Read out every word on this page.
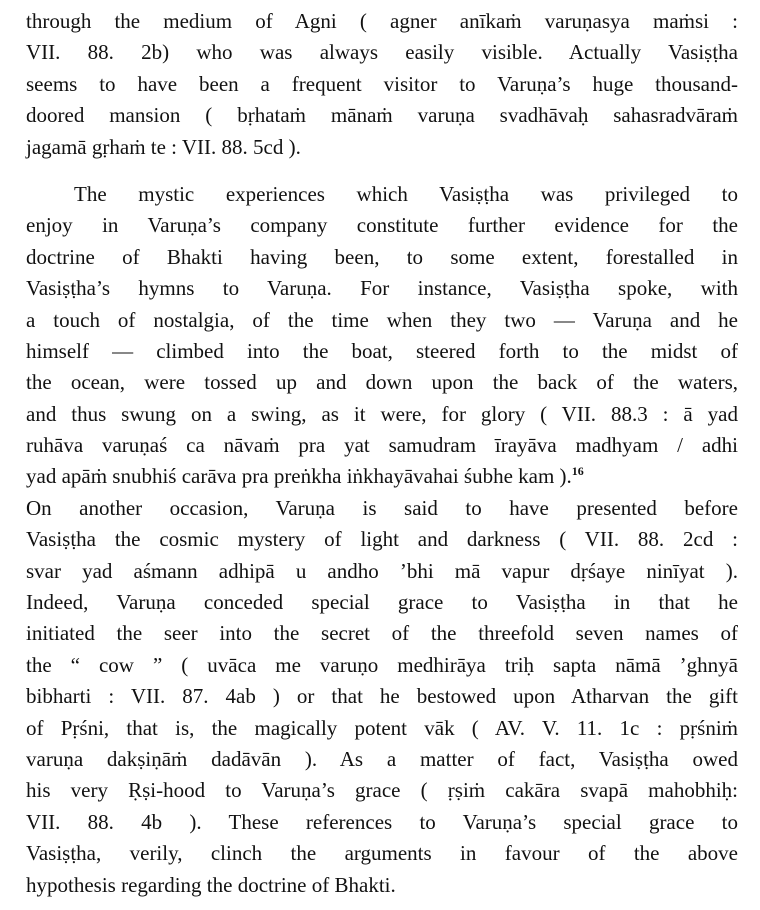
through the medium of Agni ( agner anīkaṁ varuṇasya maṁsi :
VII. 88. 2b) who was always easily visible. Actually Vasiṣṭha
seems to have been a frequent visitor to Varuṇa’s huge thousand-
doored mansion ( bṛhataṁ mānaṁ varuṇa svadhāvaḥ sahasradvāraṁ
jagamā gṛhaṁ te : VII. 88. 5cd ).
The mystic experiences which Vasiṣṭha was privileged to
enjoy in Varuṇa’s company constitute further evidence for the
doctrine of Bhakti having been, to some extent, forestalled in
Vasiṣṭha’s hymns to Varuṇa. For instance, Vasiṣṭha spoke, with
a touch of nostalgia, of the time when they two — Varuṇa and he
himself — climbed into the boat, steered forth to the midst of
the ocean, were tossed up and down upon the back of the waters,
and thus swung on a swing, as it were, for glory ( VII. 88.3 : ā yad
ruhāva varuṇaś ca nāvaṁ pra yat samudram īrayāva madhyam / adhi
yad apāṁ snubhiś carāva pra preṅkha iṅkhayāvahai śubhe kam ).$^{16}$
On another occasion, Varuṇa is said to have presented before
Vasiṣṭha the cosmic mystery of light and darkness ( VII. 88. 2cd :
svar yad aśmann adhipā u andho ’bhi mā vapur dṛśaye ninīyat ).
Indeed, Varuṇa conceded special grace to Vasiṣṭha in that he
initiated the seer into the secret of the threefold seven names of
the “ cow ” ( uvāca me varuṇo medhirāya triḥ sapta nāmā ’ghnyā
bibharti : VII. 87. 4ab ) or that he bestowed upon Atharvan the gift
of Pṛśni, that is, the magically potent vāk ( AV. V. 11. 1c : pṛśniṁ
varuṇa dakṣiṇāṁ dadāvān ). As a matter of fact, Vasiṣṭha owed
his very Ṛṣi-hood to Varuṇa’s grace ( ṛṣiṁ cakāra svapā mahobhiḥ:
VII. 88. 4b ). These references to Varuṇa’s special grace to
Vasiṣṭha, verily, clinch the arguments in favour of the above
hypothesis regarding the doctrine of Bhakti.
